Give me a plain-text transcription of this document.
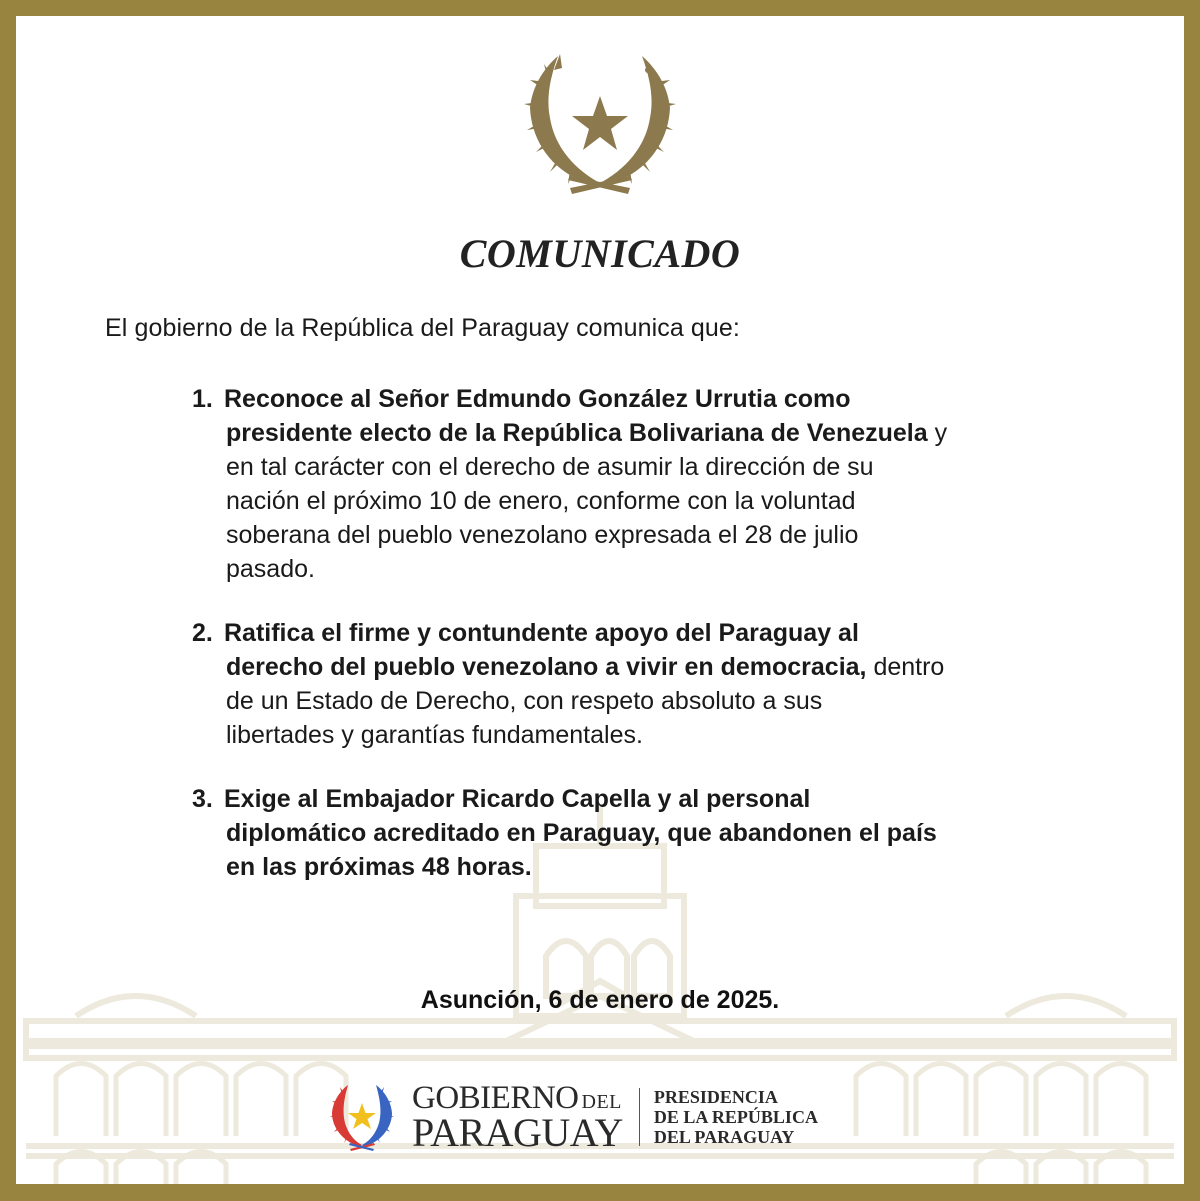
COMUNICADO
El gobierno de la República del Paraguay comunica que:
1. Reconoce al Señor Edmundo González Urrutia como
presidente electo de la República Bolivariana de Venezuela y
en tal carácter con el derecho de asumir la dirección de su
nación el próximo 10 de enero, conforme con la voluntad
soberana del pueblo venezolano expresada el 28 de julio
pasado.
2. Ratifica el firme y contundente apoyo del Paraguay al
derecho del pueblo venezolano a vivir en democracia, dentro
de un Estado de Derecho, con respeto absoluto a sus
libertades y garantías fundamentales.
3. Exige al Embajador Ricardo Capella y al personal
diplomático acreditado en Paraguay, que abandonen el país
en las próximas 48 horas.
Asunción, 6 de enero de 2025.
GOBIERNO DEL
PARAGUAY
PRESIDENCIA
DE LA REPÚBLICA
DEL PARAGUAY
